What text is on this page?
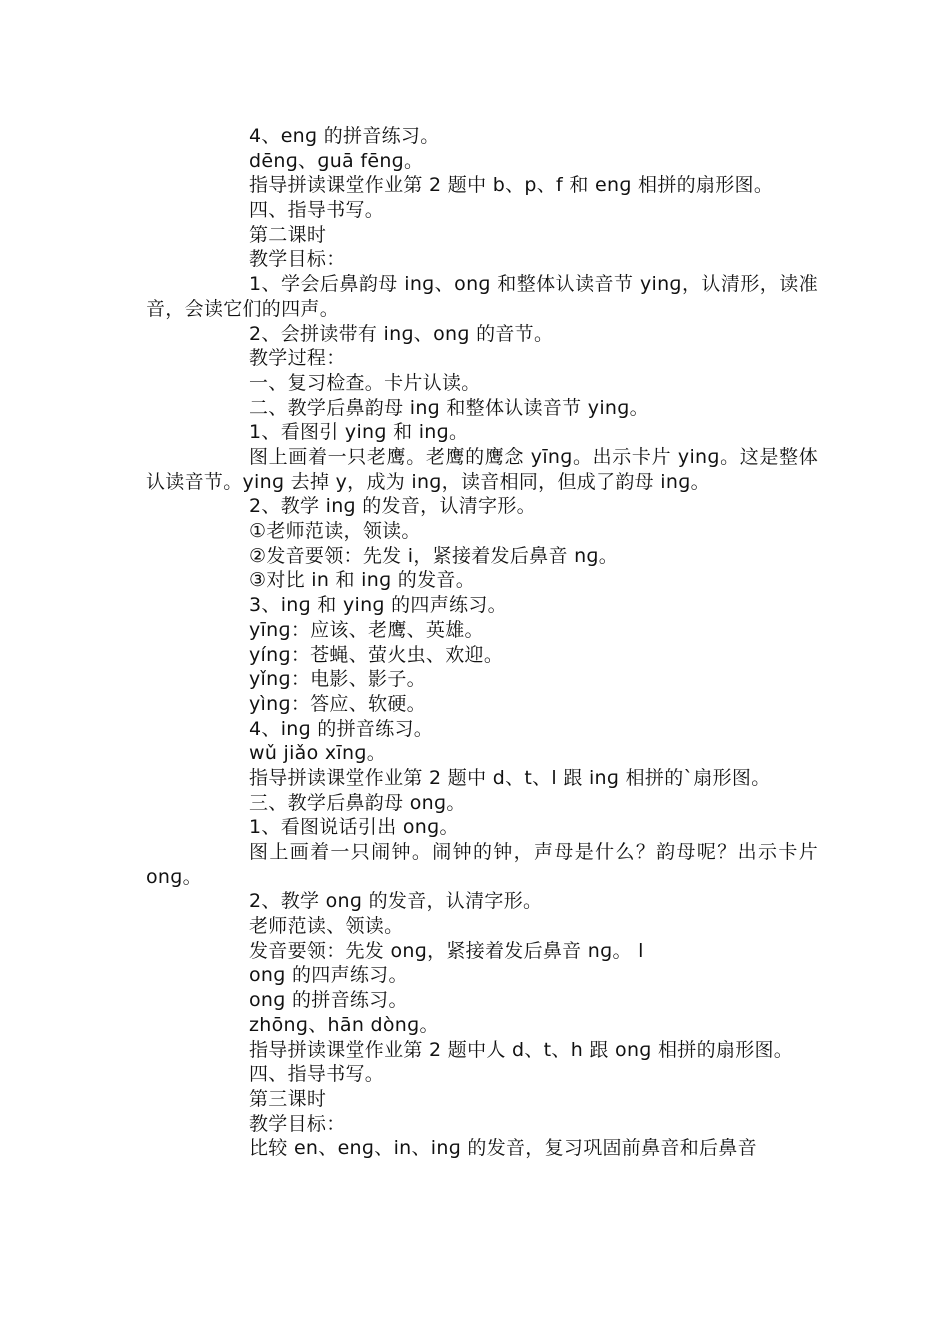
4、enɡ 的拼音练习。
dēnɡ、ɡuā fēnɡ。
指导拼读课堂作业第 2 题中 b、p、f 和 enɡ 相拼的扇形图。
四、指导书写。
第二课时
教学目标：
1、学会后鼻韵母 inɡ、onɡ 和整体认读音节 yinɡ，认清形，读准音，会读它们的四声。
2、会拼读带有 inɡ、onɡ 的音节。
教学过程：
一、复习检查。卡片认读。
二、教学后鼻韵母 inɡ 和整体认读音节 yinɡ。
1、看图引 yinɡ 和 inɡ。
图上画着一只老鹰。老鹰的鹰念 yīnɡ。出示卡片 yinɡ。这是整体认读音节。yinɡ 去掉 y，成为 inɡ，读音相同，但成了韵母 inɡ。
2、教学 inɡ 的发音，认清字形。
①老师范读，领读。
②发音要领：先发 i，紧接着发后鼻音 nɡ。
③对比 in 和 inɡ 的发音。
3、inɡ 和 yinɡ 的四声练习。
yīnɡ：应该、老鹰、英雄。
yínɡ：苍蝇、萤火虫、欢迎。
yǐnɡ：电影、影子。
yìnɡ：答应、软硬。
4、inɡ 的拼音练习。
wǔ jiǎo xīnɡ。
指导拼读课堂作业第 2 题中 d、t、l 跟 inɡ 相拼的`扇形图。
三、教学后鼻韵母 onɡ。
1、看图说话引出 onɡ。
图上画着一只闹钟。闹钟的钟，声母是什么？韵母呢？出示卡片 onɡ。
2、教学 onɡ 的发音，认清字形。
老师范读、领读。
发音要领：先发 onɡ，紧接着发后鼻音 nɡ。 l
onɡ 的四声练习。
onɡ 的拼音练习。
zhōnɡ、hān dònɡ。
指导拼读课堂作业第 2 题中人 d、t、h 跟 onɡ 相拼的扇形图。
四、指导书写。
第三课时
教学目标：
比较 en、enɡ、in、inɡ 的发音，复习巩固前鼻音和后鼻音
